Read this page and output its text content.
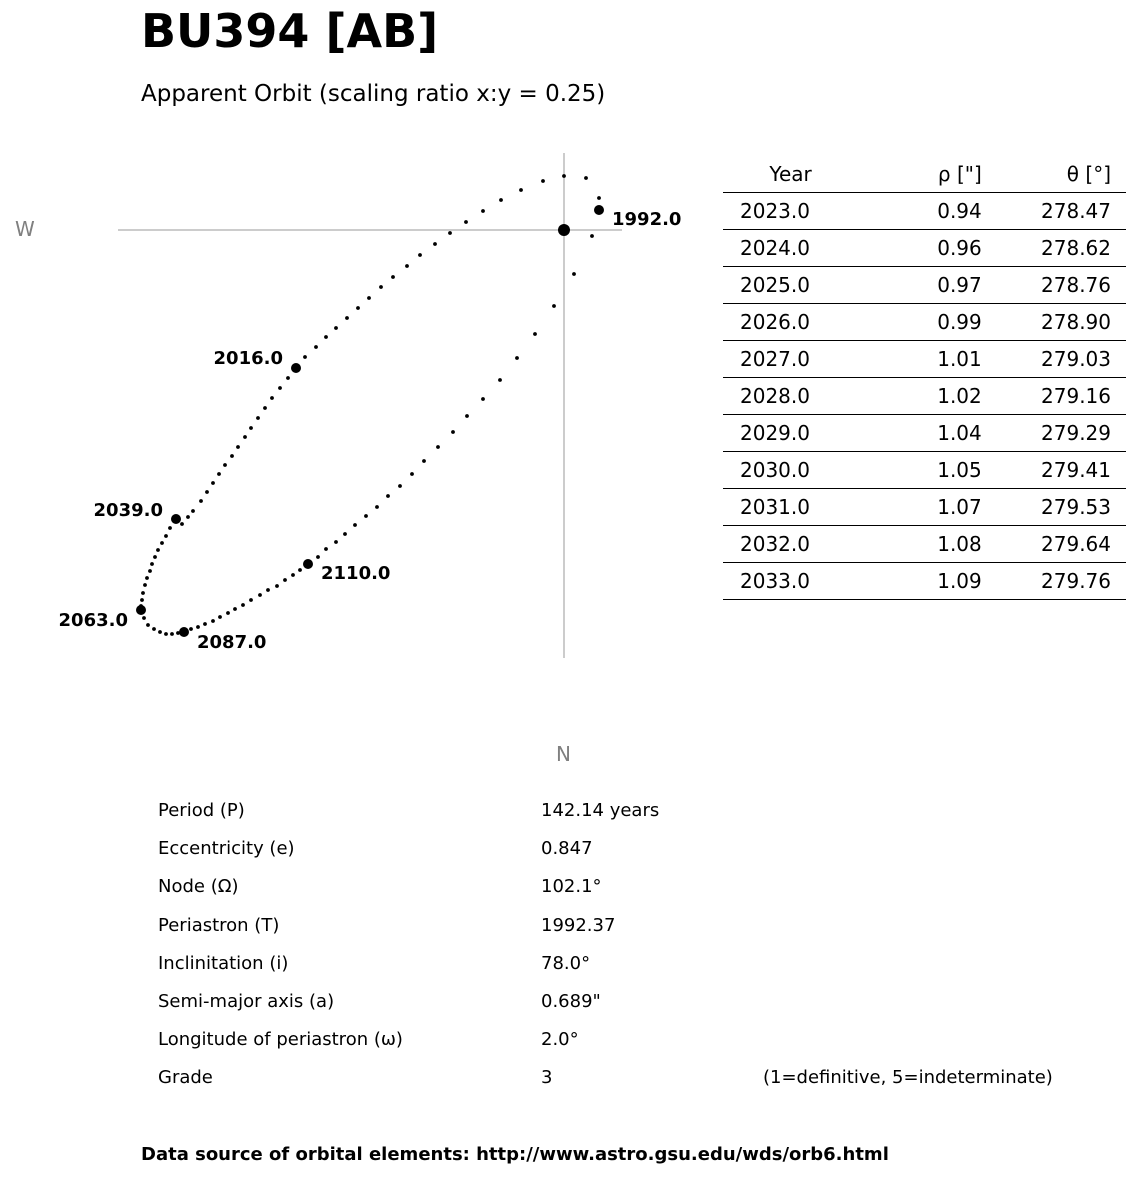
BU394 [AB]
Apparent Orbit (scaling ratio x:y = 0.25)
W
N
1992.0
2016.0
2039.0
2063.0
2087.0
2110.0
Year	ρ ["]	θ [°]
2023.0	0.94	278.47
2024.0	0.96	278.62
2025.0	0.97	278.76
2026.0	0.99	278.90
2027.0	1.01	279.03
2028.0	1.02	279.16
2029.0	1.04	279.29
2030.0	1.05	279.41
2031.0	1.07	279.53
2032.0	1.08	279.64
2033.0	1.09	279.76
Period (P)	142.14 years
Eccentricity (e)	0.847
Node (Ω)	102.1°
Periastron (T)	1992.37
Inclinitation (i)	78.0°
Semi-major axis (a)	0.689"
Longitude of periastron (ω)	2.0°
Grade	3	(1=definitive, 5=indeterminate)
Data source of orbital elements: http://www.astro.gsu.edu/wds/orb6.html
